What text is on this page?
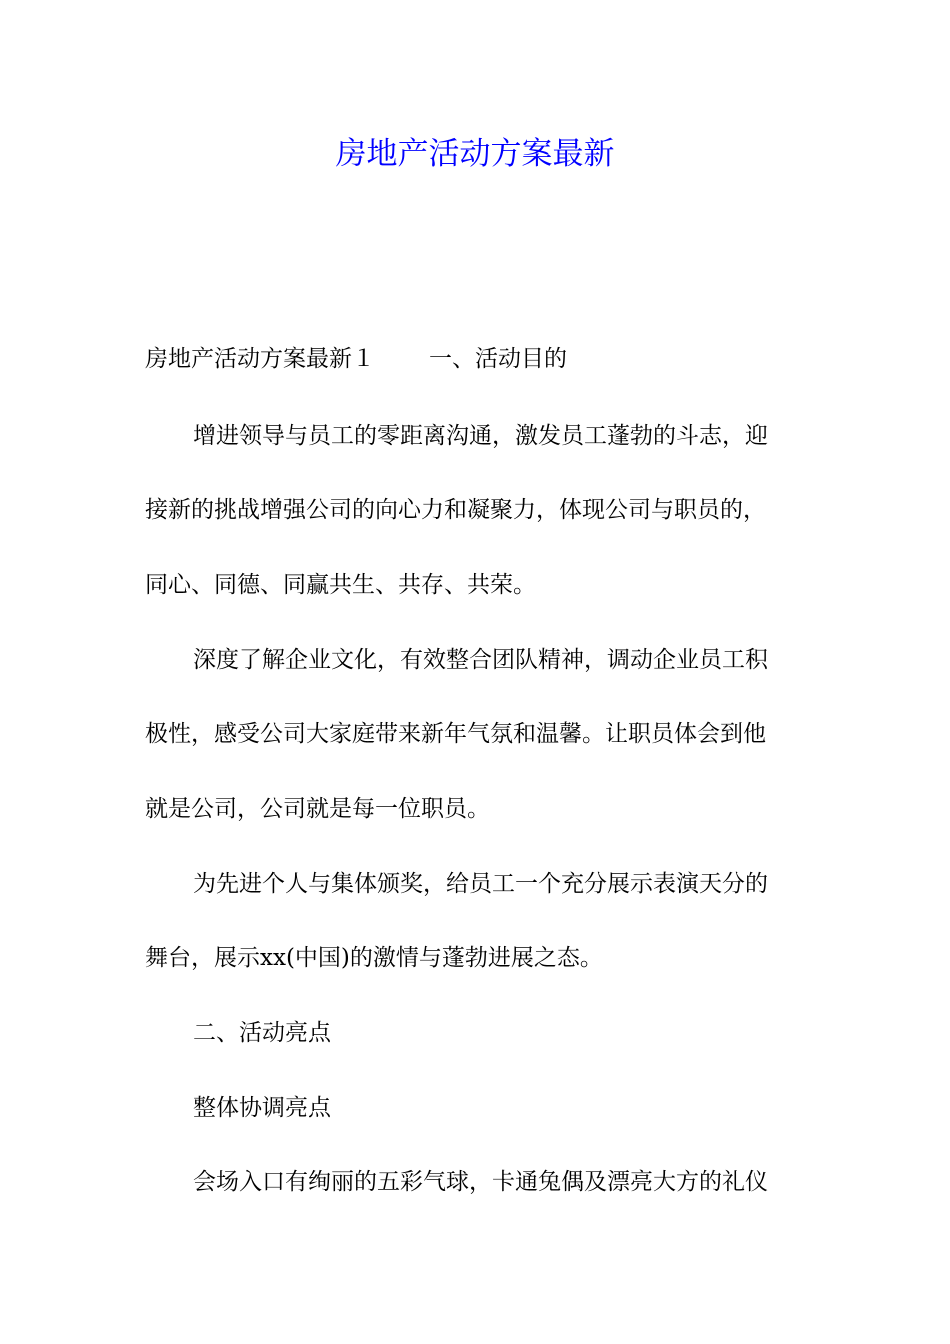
房地产活动方案最新
房地产活动方案最新１ 一、活动目的
增进领导与员工的零距离沟通，激发员工蓬勃的斗志，迎
接新的挑战增强公司的向心力和凝聚力，体现公司与职员的，
同心、同德、同赢共生、共存、共荣。
深度了解企业文化，有效整合团队精神，调动企业员工积
极性，感受公司大家庭带来新年气氛和温馨。让职员体会到他
就是公司，公司就是每一位职员。
为先进个人与集体颁奖，给员工一个充分展示表演天分的
舞台，展示xx(中国)的激情与蓬勃进展之态。
二、活动亮点
整体协调亮点
会场入口有绚丽的五彩气球，卡通兔偶及漂亮大方的礼仪
